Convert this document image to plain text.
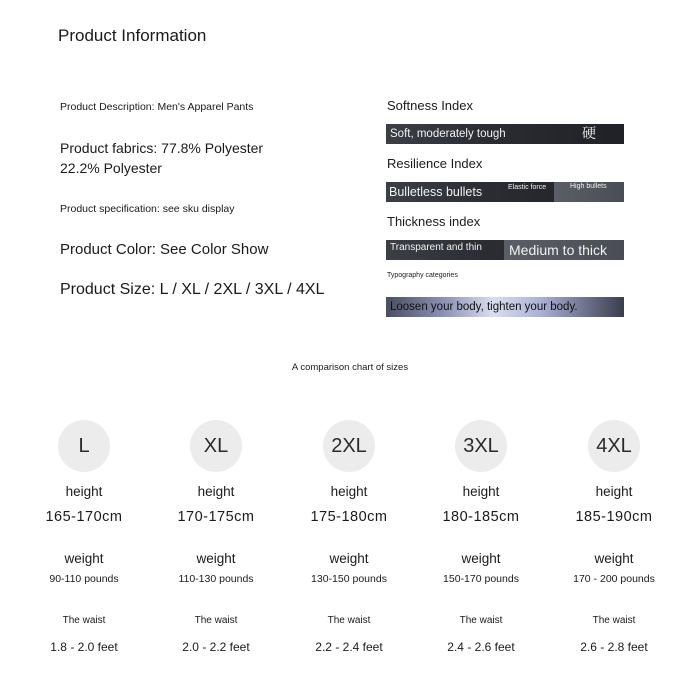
Product Information
Product Description: Men's Apparel Pants
Product fabrics: 77.8% Polyester
22.2% Polyester
Product specification: see sku display
Product Color: See Color Show
Product Size: L / XL / 2XL / 3XL / 4XL
Softness Index
Soft, moderately tough	硬
Resilience Index
Bulletless bullets	Elastic force	High bullets
Thickness index
Transparent and thin Medium to thick
Typography categories
Loosen your body, tighten your body.
A comparison chart of sizes
L
height
165-170cm
weight
90-110 pounds
The waist
1.8 - 2.0 feet
XL
height
170-175cm
weight
110-130 pounds
The waist
2.0 - 2.2 feet
2XL
height
175-180cm
weight
130-150 pounds
The waist
2.2 - 2.4 feet
3XL
height
180-185cm
weight
150-170 pounds
The waist
2.4 - 2.6 feet
4XL
height
185-190cm
weight
170 - 200 pounds
The waist
2.6 - 2.8 feet
